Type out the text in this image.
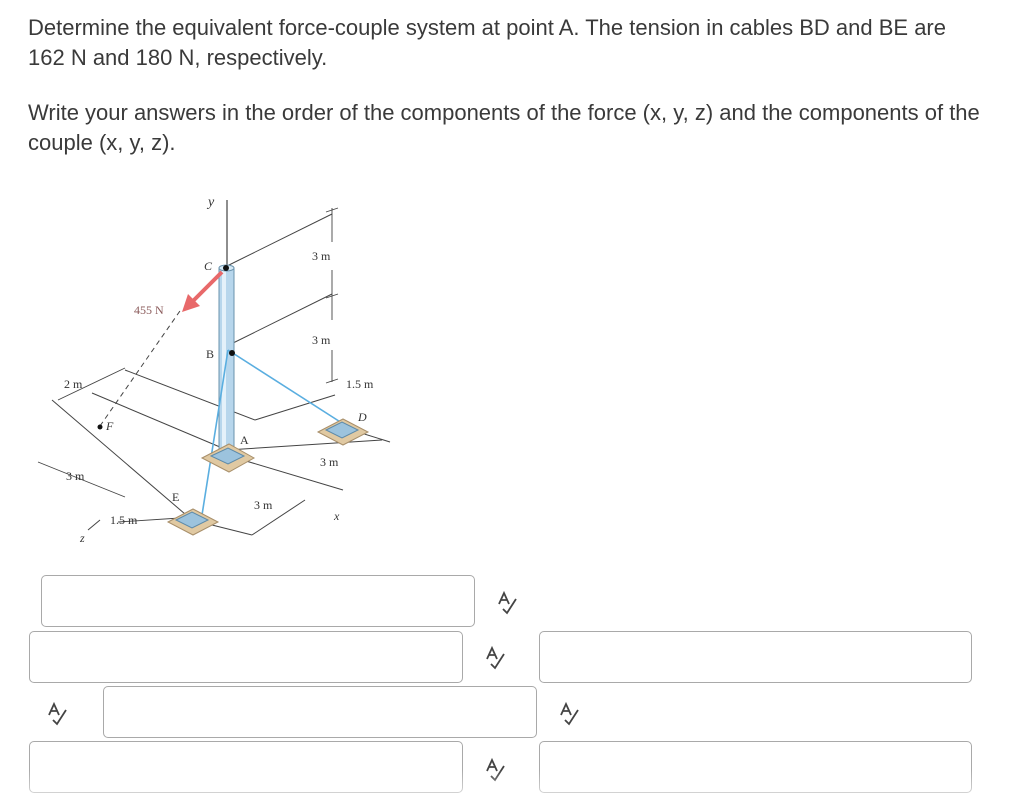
Determine the equivalent force-couple system at point A. The tension in cables BD and BE are 162 N and 180 N, respectively.

Write your answers in the order of the components of the force (x, y, z) and the components of the couple (x, y, z).

y
C
B
A
D
E
F
455 N
3 m
3 m
1.5 m
3 m
3 m
2 m
3 m
1.5 m	x
z
